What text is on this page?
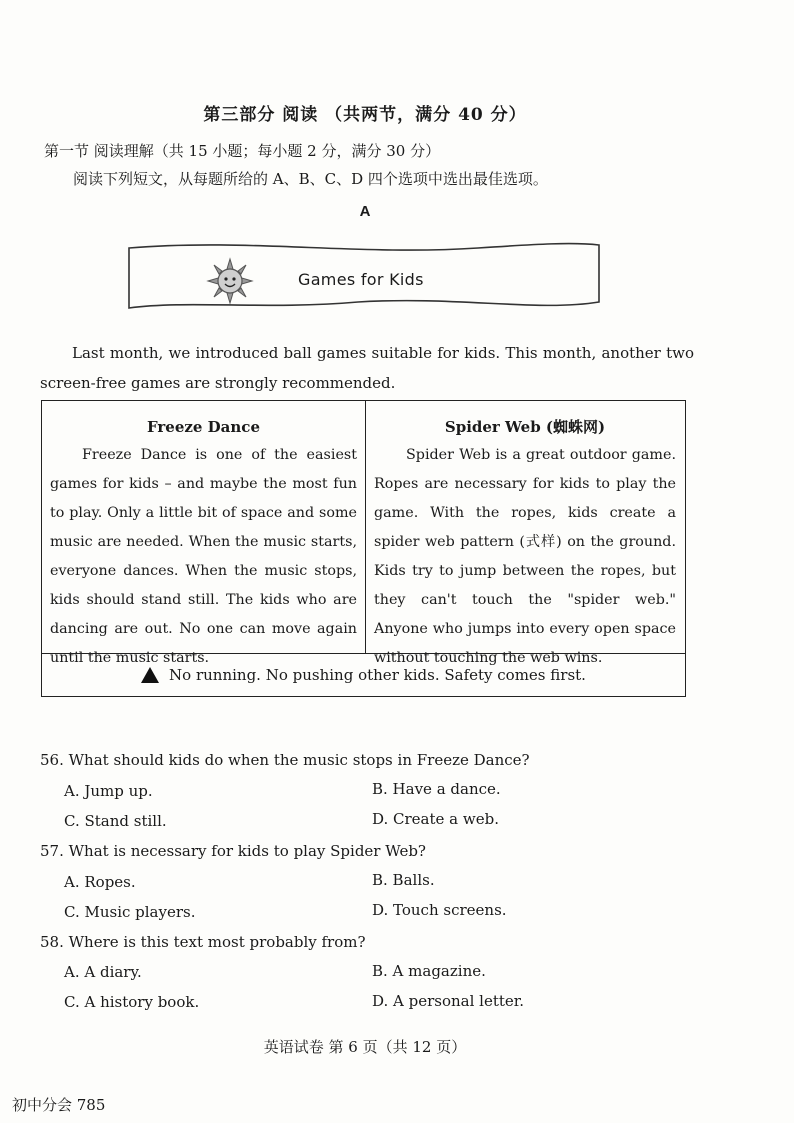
第三部分 阅读 （共两节，满分 40 分）
第一节 阅读理解（共 15 小题；每小题 2 分，满分 30 分）
阅读下列短文，从每题所给的 A、B、C、D 四个选项中选出最佳选项。
A
Games for Kids
Last month, we introduced ball games suitable for kids. This month, another two screen-free games are strongly recommended.
Freeze Dance
Freeze Dance is one of the easiest games for kids – and maybe the most fun to play. Only a little bit of space and some music are needed. When the music starts, everyone dances. When the music stops, kids should stand still. The kids who are dancing are out. No one can move again until the music starts.
Spider Web (蜘蛛网)
Spider Web is a great outdoor game. Ropes are necessary for kids to play the game. With the ropes, kids create a spider web pattern (式样) on the ground. Kids try to jump between the ropes, but they can't touch the "spider web." Anyone who jumps into every open space without touching the web wins.
No running. No pushing other kids. Safety comes first.
56. What should kids do when the music stops in Freeze Dance?
A. Jump up.	B. Have a dance.
C. Stand still.	D. Create a web.
57. What is necessary for kids to play Spider Web?
A. Ropes.	B. Balls.
C. Music players.	D. Touch screens.
58. Where is this text most probably from?
A. A diary.	B. A magazine.
C. A history book.	D. A personal letter.
英语试卷 第 6 页（共 12 页）
初中分会 785
